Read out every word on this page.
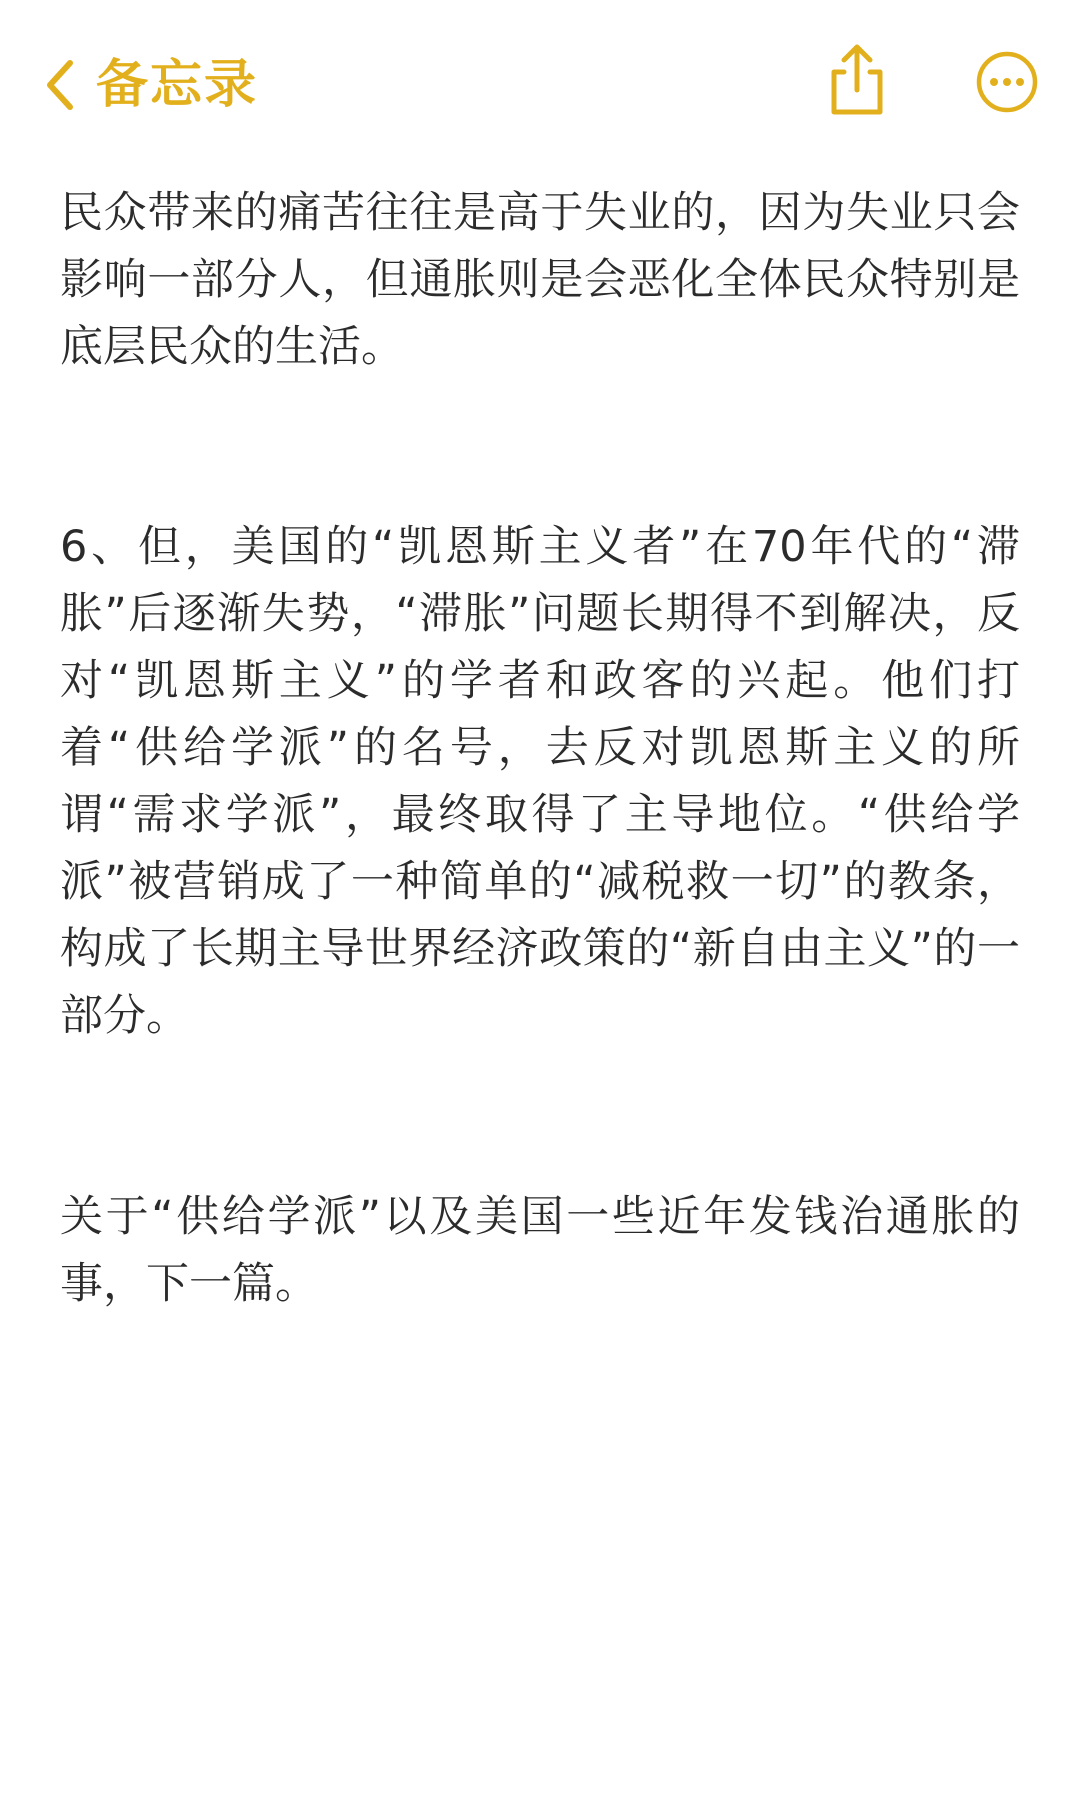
备忘录

民众带来的痛苦往往是高于失业的，因为失业只会影响一部分人，但通胀则是会恶化全体民众特别是底层民众的生活。

6、但，美国的“凯恩斯主义者”在70年代的“滞胀”后逐渐失势，“滞胀”问题长期得不到解决，反对“凯恩斯主义”的学者和政客的兴起。他们打着“供给学派”的名号，去反对凯恩斯主义的所谓“需求学派”，最终取得了主导地位。“供给学派”被营销成了一种简单的“减税救一切”的教条，构成了长期主导世界经济政策的“新自由主义”的一部分。

关于“供给学派”以及美国一些近年发钱治通胀的事，下一篇。
